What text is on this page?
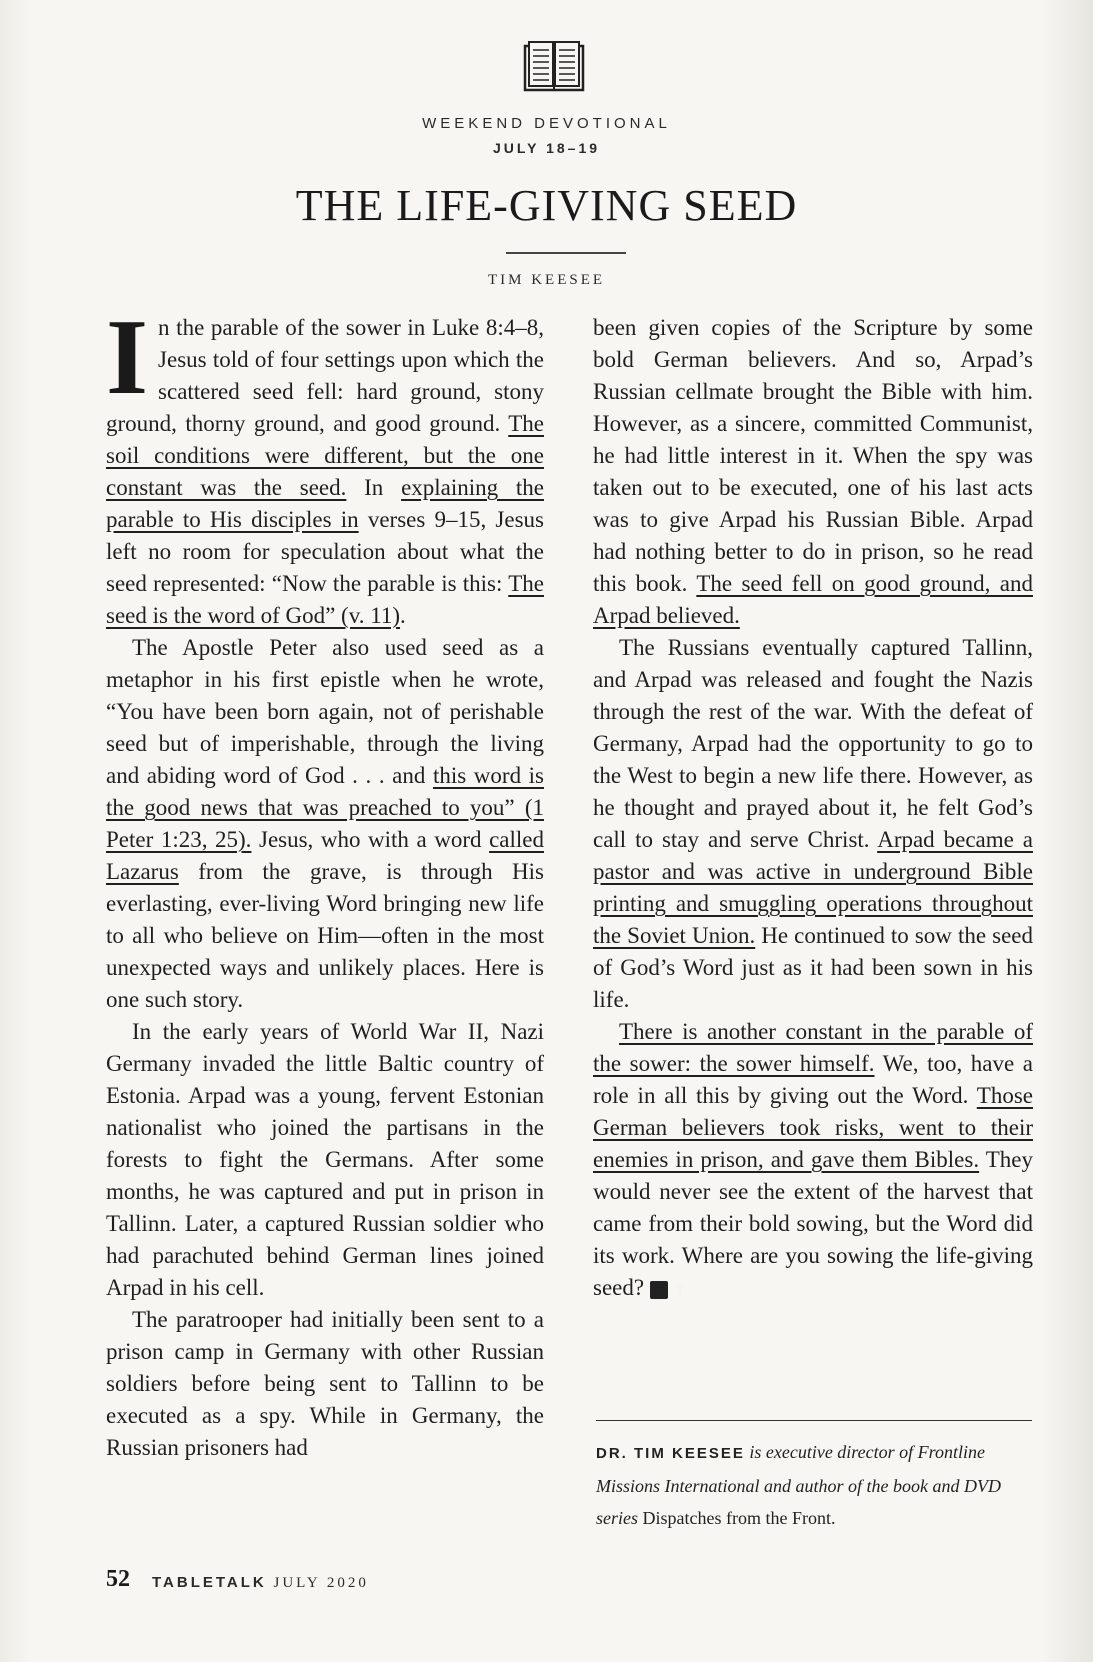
WEEKEND DEVOTIONAL
JULY 18–19
THE LIFE-GIVING SEED
TIM KEESEE

In the parable of the sower in Luke 8:4–8, Jesus told of four settings upon which the scattered seed fell: hard ground, stony ground, thorny ground, and good ground. The soil conditions were different, but the one constant was the seed. In explaining the parable to His disciples in verses 9–15, Jesus left no room for speculation about what the seed represented: “Now the parable is this: The seed is the word of God” (v. 11).

The Apostle Peter also used seed as a metaphor in his first epistle when he wrote, “You have been born again, not of perishable seed but of imperishable, through the living and abiding word of God . . . and this word is the good news that was preached to you” (1 Peter 1:23, 25). Jesus, who with a word called Lazarus from the grave, is through His everlasting, ever-living Word bringing new life to all who believe on Him—often in the most unexpected ways and unlikely places. Here is one such story.

In the early years of World War II, Nazi Germany invaded the little Baltic country of Estonia. Arpad was a young, fervent Estonian nationalist who joined the partisans in the forests to fight the Germans. After some months, he was captured and put in prison in Tallinn. Later, a captured Russian soldier who had parachuted behind German lines joined Arpad in his cell.

The paratrooper had initially been sent to a prison camp in Germany with other Russian soldiers before being sent to Tallinn to be executed as a spy. While in Germany, the Russian prisoners had

been given copies of the Scripture by some bold German believers. And so, Arpad’s Russian cellmate brought the Bible with him. However, as a sincere, committed Communist, he had little interest in it. When the spy was taken out to be executed, one of his last acts was to give Arpad his Russian Bible. Arpad had nothing better to do in prison, so he read this book. The seed fell on good ground, and Arpad believed.

The Russians eventually captured Tallinn, and Arpad was released and fought the Nazis through the rest of the war. With the defeat of Germany, Arpad had the opportunity to go to the West to begin a new life there. However, as he thought and prayed about it, he felt God’s call to stay and serve Christ. Arpad became a pastor and was active in underground Bible printing and smuggling operations throughout the Soviet Union. He continued to sow the seed of God’s Word just as it had been sown in his life.

There is another constant in the parable of the sower: the sower himself. We, too, have a role in all this by giving out the Word. Those German believers took risks, went to their enemies in prison, and gave them Bibles. They would never see the extent of the harvest that came from their bold sowing, but the Word did its work. Where are you sowing the life-giving seed? T

DR. TIM KEESEE is executive director of Frontline Missions International and author of the book and DVD series Dispatches from the Front.
52 TABLETALK JULY 2020
